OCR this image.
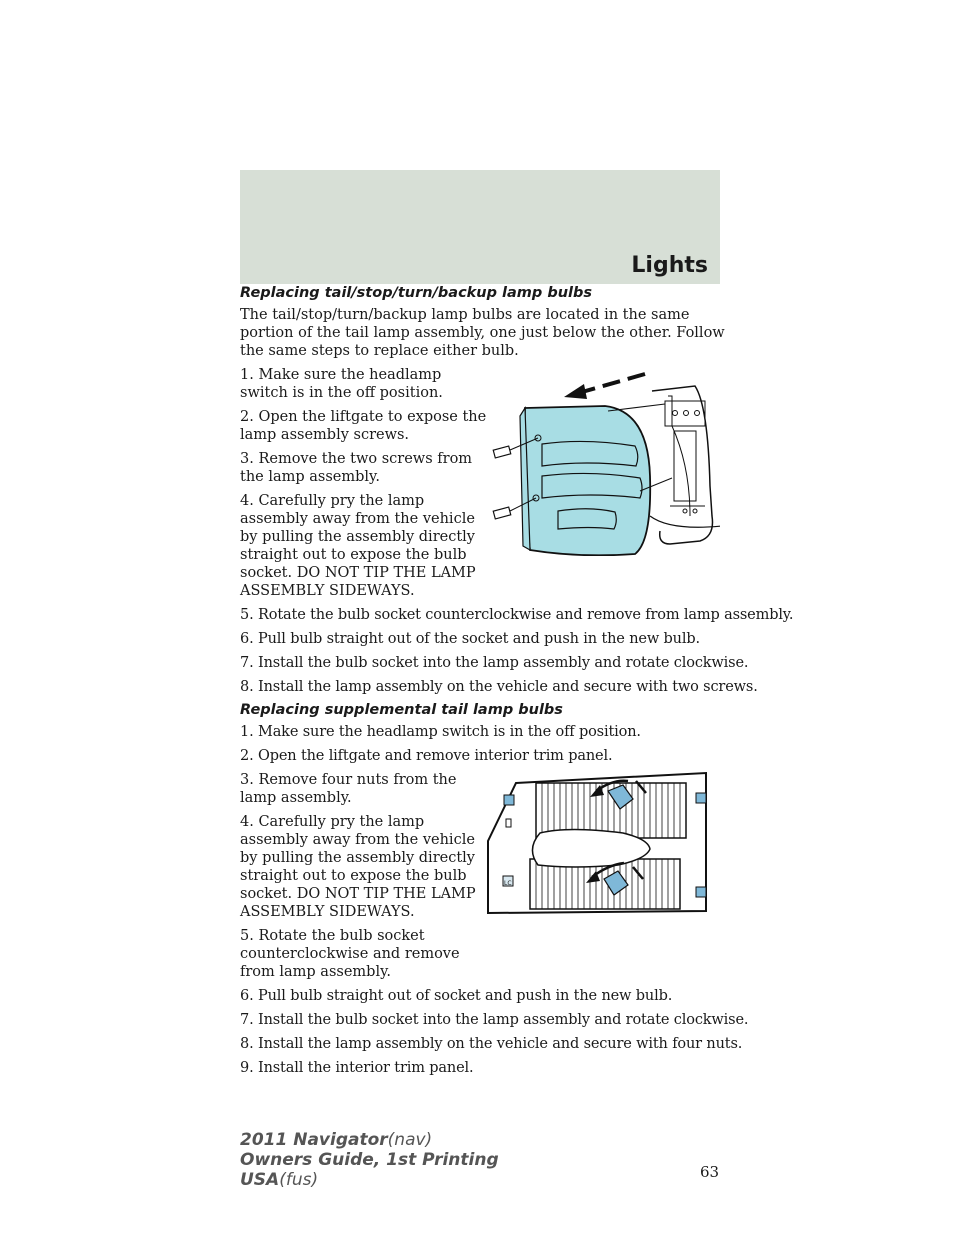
Lights
Replacing tail/stop/turn/backup lamp bulbs

The tail/stop/turn/backup lamp bulbs are located in the same portion of the tail lamp assembly, one just below the other. Follow the same steps to replace either bulb.

1. Make sure the headlamp switch is in the off position.

2. Open the liftgate to expose the lamp assembly screws.

3. Remove the two screws from the lamp assembly.

4. Carefully pry the lamp assembly away from the vehicle by pulling the assembly directly straight out to expose the bulb socket. DO NOT TIP THE LAMP ASSEMBLY SIDEWAYS.

5. Rotate the bulb socket counterclockwise and remove from lamp assembly.

6. Pull bulb straight out of the socket and push in the new bulb.

7. Install the bulb socket into the lamp assembly and rotate clockwise.

8. Install the lamp assembly on the vehicle and secure with two screws.

Replacing supplemental tail lamp bulbs

1. Make sure the headlamp switch is in the off position.

2. Open the liftgate and remove interior trim panel.

3. Remove four nuts from the lamp assembly.

4. Carefully pry the lamp assembly away from the vehicle by pulling the assembly directly straight out to expose the bulb socket. DO NOT TIP THE LAMP ASSEMBLY SIDEWAYS.

5. Rotate the bulb socket counterclockwise and remove from lamp assembly.

LC

6. Pull bulb straight out of socket and push in the new bulb.

7. Install the bulb socket into the lamp assembly and rotate clockwise.

8. Install the lamp assembly on the vehicle and secure with four nuts.

9. Install the interior trim panel.

63
2011 Navigator(nav)
Owners Guide, 1st Printing
USA(fus)
